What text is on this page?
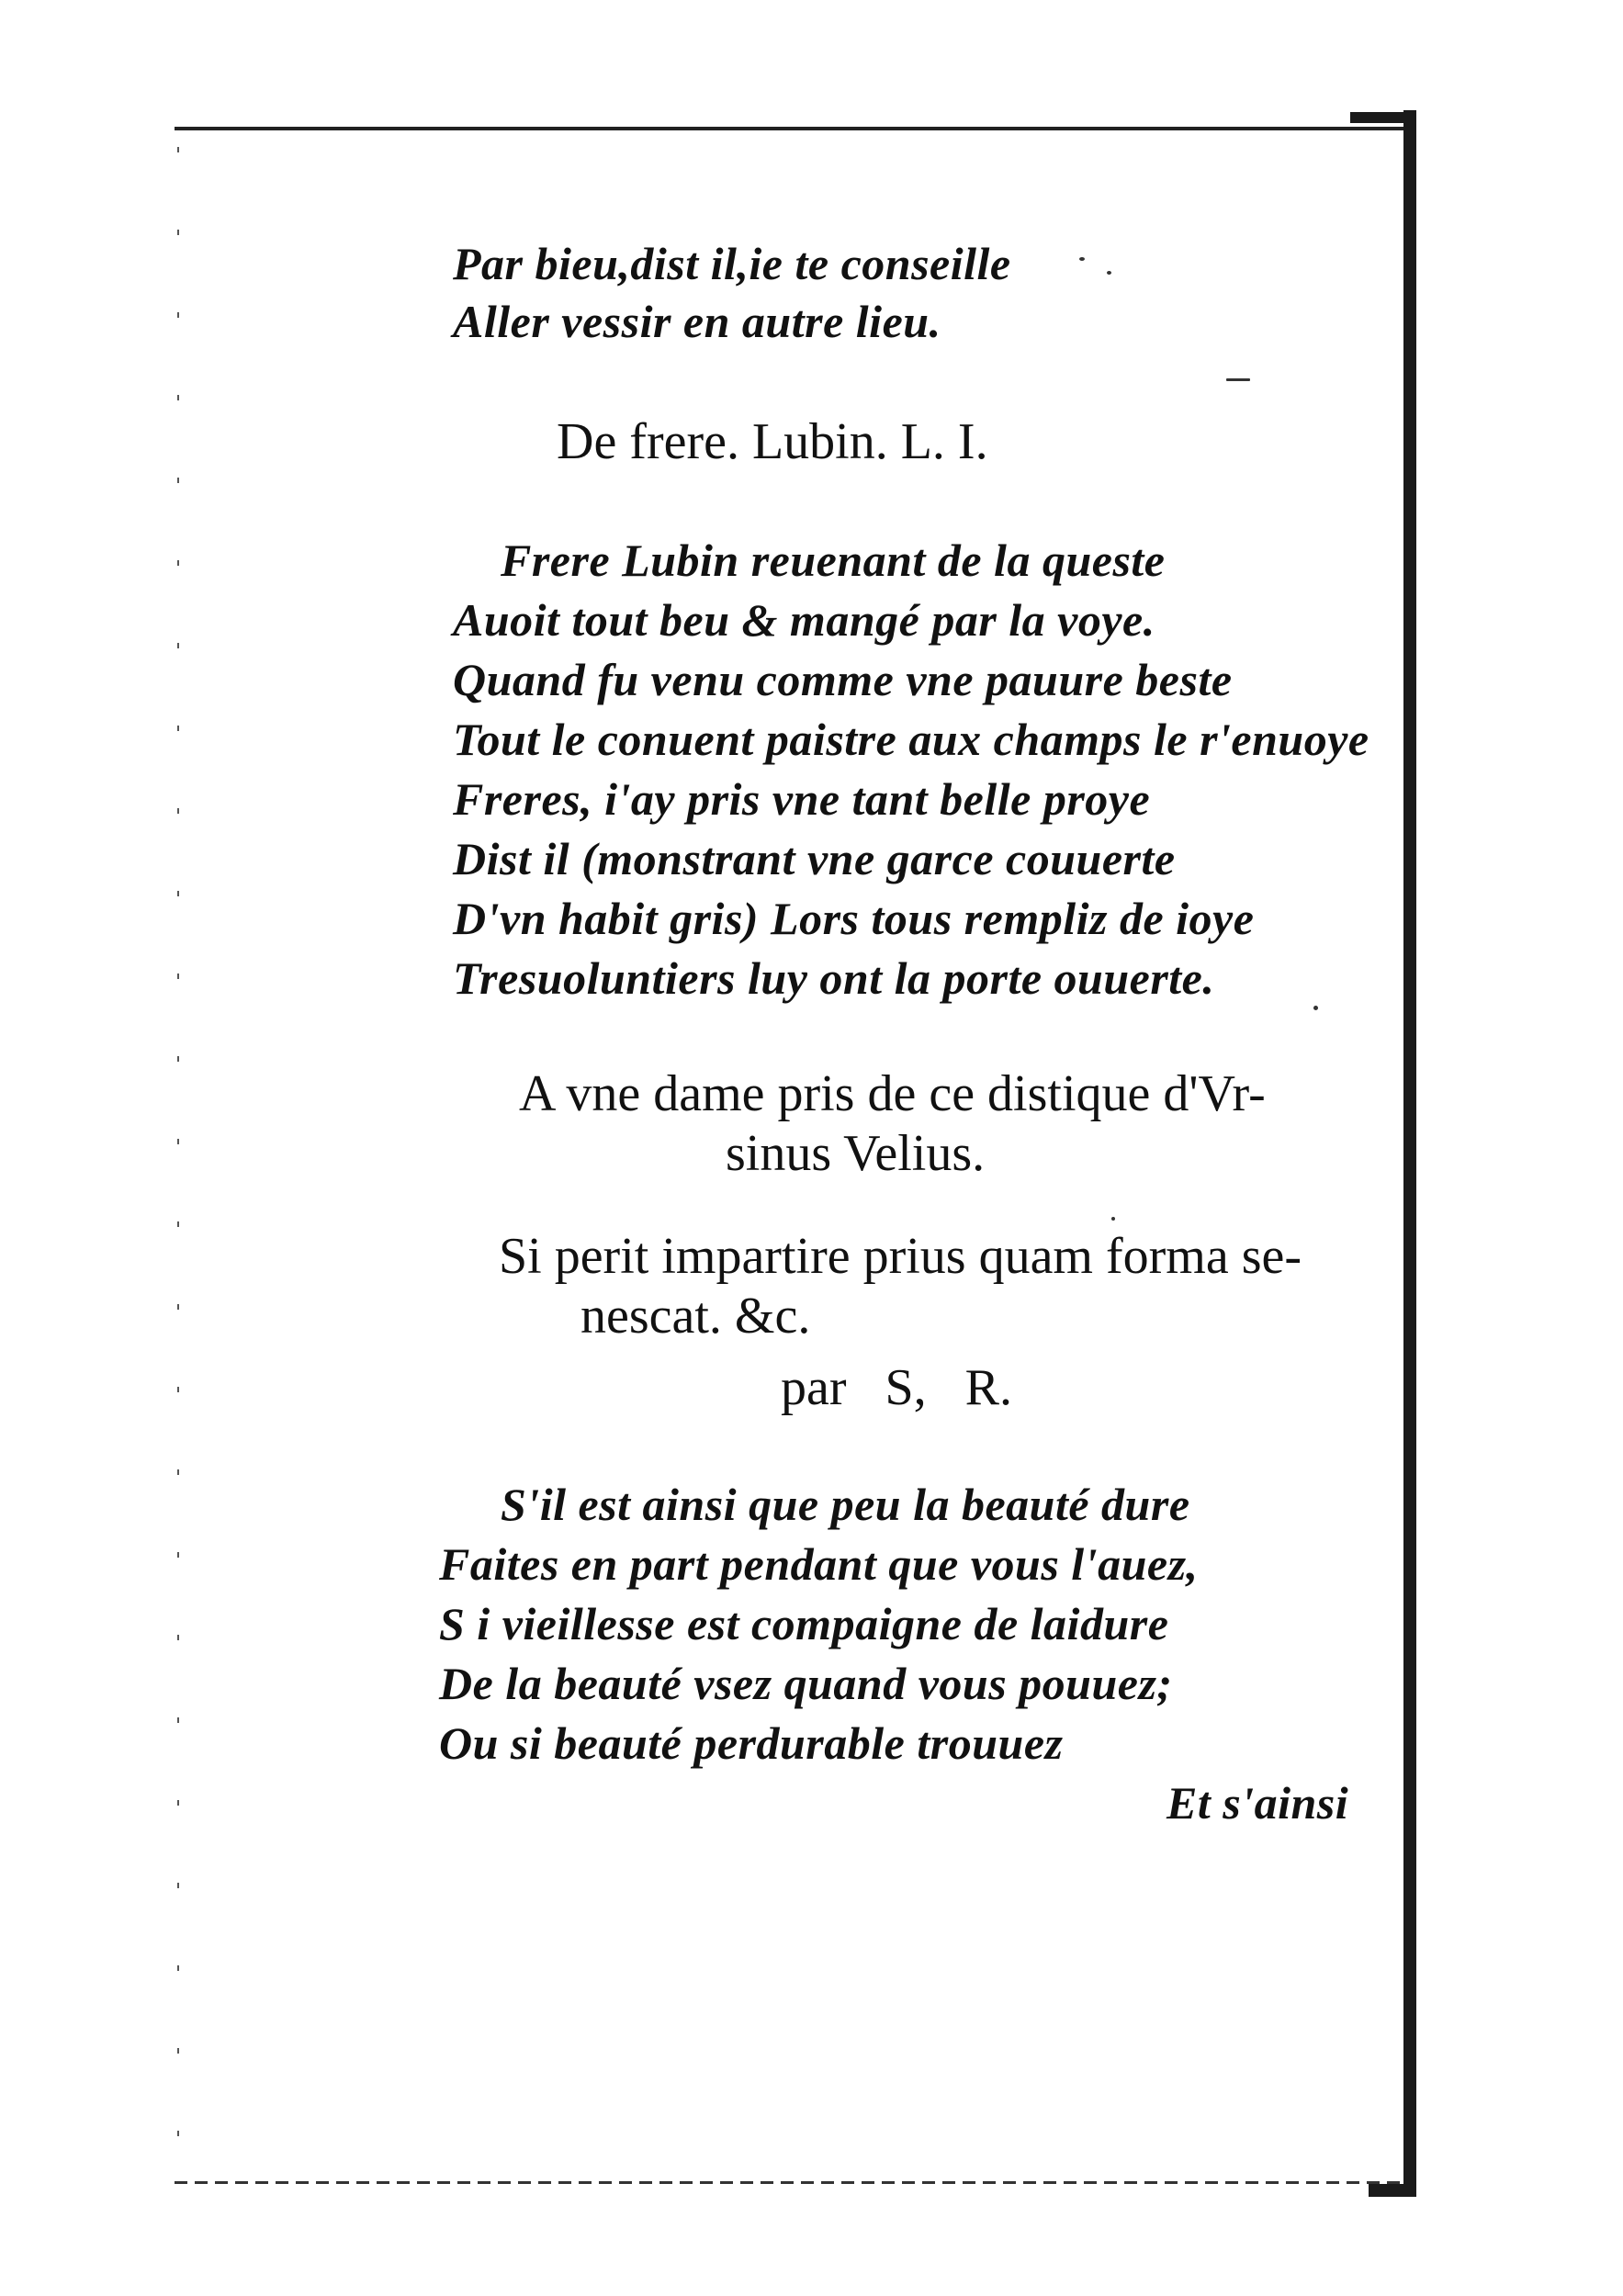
Par bieu,dist il,ie te conseille
Aller vessir en autre lieu.
De frere. Lubin. L. I.
Frere Lubin reuenant de la queste
Auoit tout beu & mangé par la voye.
Quand fu venu comme vne pauure beste
Tout le conuent paistre aux champs le r'enuoye
Freres, i'ay pris vne tant belle proye
Dist il (monstrant vne garce couuerte
D'vn habit gris) Lors tous rempliz de ioye
Tresuoluntiers luy ont la porte ouuerte.
A vne dame pris de ce distique d'Vr-
sinus Velius.
Si perit impartire prius quam forma se-
nescat. &c.
par   S,   R.
S'il est ainsi que peu la beauté dure
Faites en part pendant que vous l'auez,
S i vieillesse est compaigne de laidure
De la beauté vsez quand vous pouuez;
Ou si beauté perdurable trouuez
Et s'ainsi
